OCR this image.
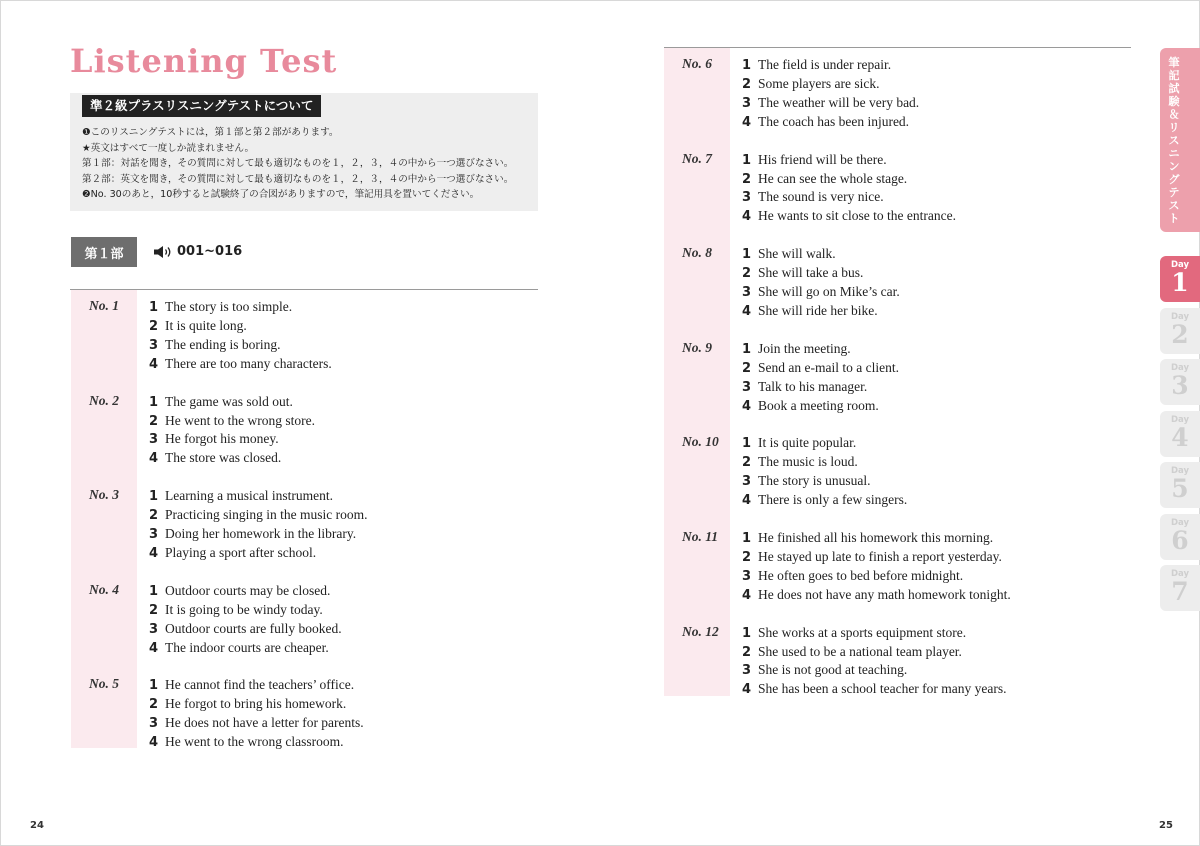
Listening Test
準２級プラスリスニングテストについて
❶このリスニングテストには，第１部と第２部があります。
★英文はすべて一度しか読まれません。
第１部：対話を聞き，その質問に対して最も適切なものを１，２，３，４の中から一つ選びなさい。
第２部：英文を聞き，その質問に対して最も適切なものを１，２，３，４の中から一つ選びなさい。
❷No. 30のあと，10秒すると試験終了の合図がありますので，筆記用具を置いてください。
第１部	001~016
No. 1 1 The story is too simple.
2 It is quite long.
3 The ending is boring.
4 There are too many characters.
No. 2 1 The game was sold out.
2 He went to the wrong store.
3 He forgot his money.
4 The store was closed.
No. 3 1 Learning a musical instrument.
2 Practicing singing in the music room.
3 Doing her homework in the library.
4 Playing a sport after school.
No. 4 1 Outdoor courts may be closed.
2 It is going to be windy today.
3 Outdoor courts are fully booked.
4 The indoor courts are cheaper.
No. 5 1 He cannot find the teachers’ office.
2 He forgot to bring his homework.
3 He does not have a letter for parents.
4 He went to the wrong classroom.
No. 6 1 The field is under repair.
2 Some players are sick.
3 The weather will be very bad.
4 The coach has been injured.
No. 7 1 His friend will be there.
2 He can see the whole stage.
3 The sound is very nice.
4 He wants to sit close to the entrance.
No. 8 1 She will walk.
2 She will take a bus.
3 She will go on Mike’s car.
4 She will ride her bike.
No. 9 1 Join the meeting.
2 Send an e-mail to a client.
3 Talk to his manager.
4 Book a meeting room.
No. 10 1 It is quite popular.
2 The music is loud.
3 The story is unusual.
4 There is only a few singers.
No. 11 1 He finished all his homework this morning.
2 He stayed up late to finish a report yesterday.
3 He often goes to bed before midnight.
4 He does not have any math homework tonight.
No. 12 1 She works at a sports equipment store.
2 She used to be a national team player.
3 She is not good at teaching.
4 She has been a school teacher for many years.
筆記試験＆リスニングテスト
Day
1
Day
2
Day
3
Day
4
Day
5
Day
6
Day
7
24	25
